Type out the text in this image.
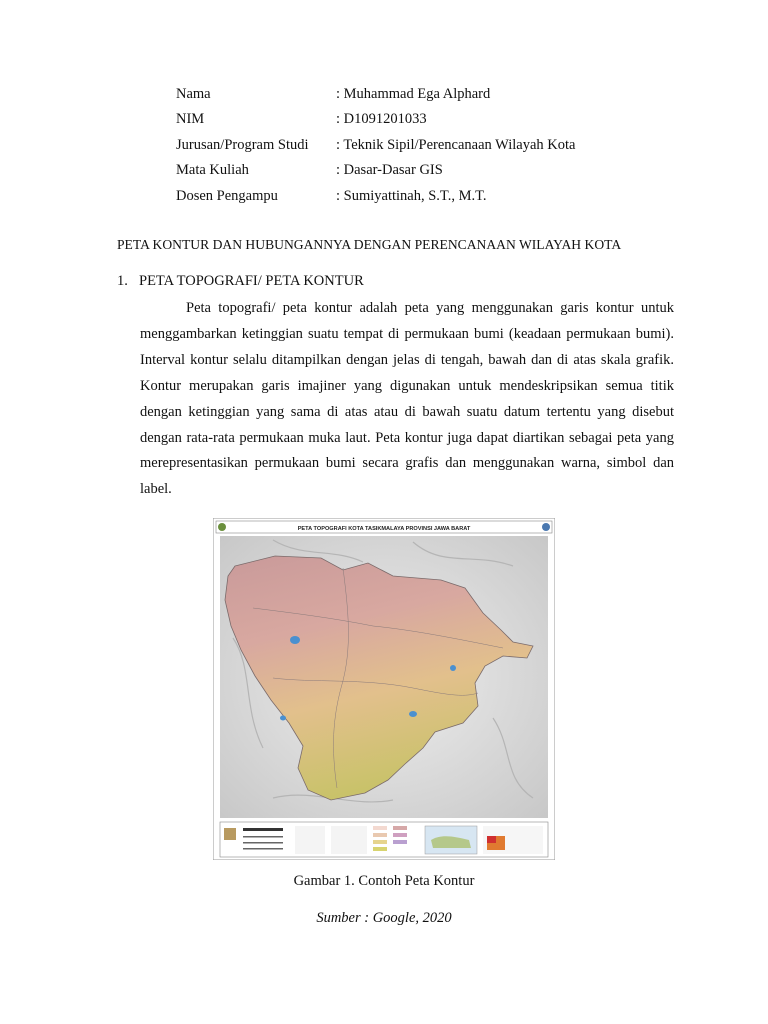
Nama	: Muhammad Ega Alphard
NIM	: D1091201033
Jurusan/Program Studi : Teknik Sipil/Perencanaan Wilayah Kota
Mata Kuliah	: Dasar-Dasar GIS
Dosen Pengampu	: Sumiyattinah, S.T., M.T.
PETA KONTUR DAN HUBUNGANNYA DENGAN PERENCANAAN WILAYAH KOTA
1. PETA TOPOGRAFI/ PETA KONTUR

Peta topografi/ peta kontur adalah peta yang menggunakan garis kontur untuk menggambarkan ketinggian suatu tempat di permukaan bumi (keadaan permukaan bumi). Interval kontur selalu ditampilkan dengan jelas di tengah, bawah dan di atas skala grafik. Kontur merupakan garis imajiner yang digunakan untuk mendeskripsikan semua titik dengan ketinggian yang sama di atas atau di bawah suatu datum tertentu yang disebut dengan rata-rata permukaan muka laut. Peta kontur juga dapat diartikan sebagai peta yang merepresentasikan permukaan bumi secara grafis dan menggunakan warna, simbol dan label.

PETA TOPOGRAFI KOTA TASIKMALAYA PROVINSI JAWA BARAT
Gambar 1. Contoh Peta Kontur
Sumber : Google, 2020
